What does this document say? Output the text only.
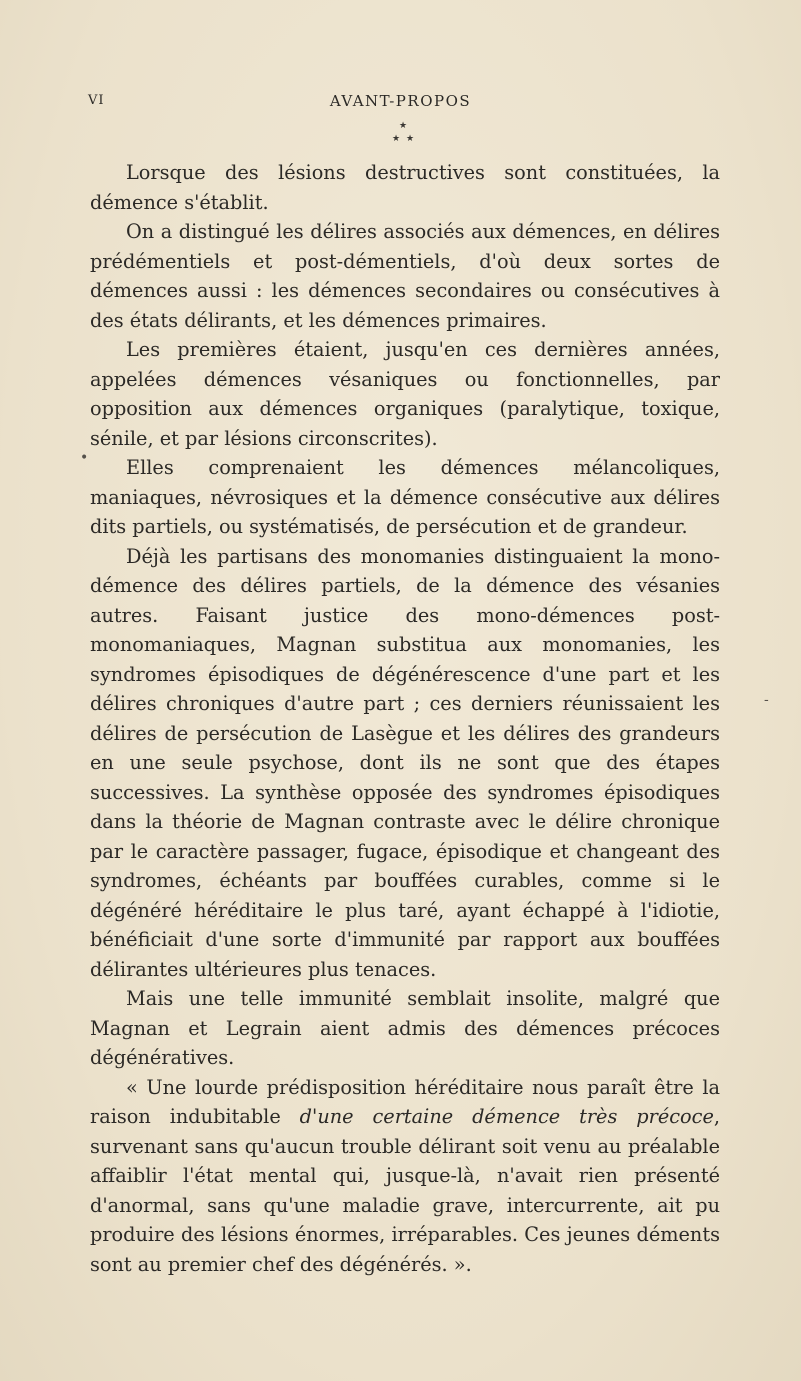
VI	AVANT-PROPOS
★
★ ★

Lorsque des lésions destructives sont constituées, la démence s'établit.

On a distingué les délires associés aux démences, en délires prédémentiels et post-démentiels, d'où deux sortes de démences aussi : les démences secondaires ou consécutives à des états délirants, et les démences primaires.

Les premières étaient, jusqu'en ces dernières années, appelées démences vésaniques ou fonctionnelles, par opposition aux démences organiques (paralytique, toxique, sénile, et par lésions circonscrites).

Elles comprenaient les démences mélancoliques, maniaques, névrosiques et la démence consécutive aux délires dits partiels, ou systématisés, de persécution et de grandeur.

Déjà les partisans des monomanies distinguaient la mono-démence des délires partiels, de la démence des vésanies autres. Faisant justice des mono-démences post-monomaniaques, Magnan substitua aux monomanies, les syndromes épisodiques de dégénérescence d'une part et les délires chroniques d'autre part ; ces derniers réunissaient les délires de persécution de Lasègue et les délires des grandeurs en une seule psychose, dont ils ne sont que des étapes successives. La synthèse opposée des syndromes épisodiques dans la théorie de Magnan contraste avec le délire chronique par le caractère passager, fugace, épisodique et changeant des syndromes, échéants par bouffées curables, comme si le dégénéré héréditaire le plus taré, ayant échappé à l'idiotie, bénéficiait d'une sorte d'immunité par rapport aux bouffées délirantes ultérieures plus tenaces.

Mais une telle immunité semblait insolite, malgré que Magnan et Legrain aient admis des démences précoces dégénératives.

« Une lourde prédisposition héréditaire nous paraît être la raison indubitable d'une certaine démence très précoce, survenant sans qu'aucun trouble délirant soit venu au préalable affaiblir l'état mental qui, jusque-là, n'avait rien présenté d'anormal, sans qu'une maladie grave, intercurrente, ait pu produire des lésions énormes, irréparables. Ces jeunes déments sont au premier chef des dégénérés. ».

•
-
